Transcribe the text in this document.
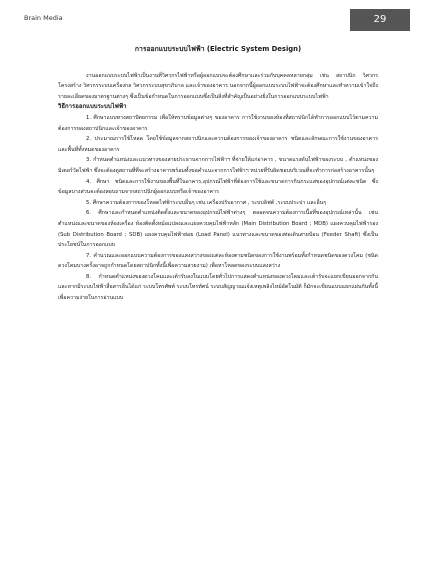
Brain Media	29
การออกแบบระบบไฟฟ้า (Electric System Design)

งานออกแบบระบบไฟฟ้าเป็นงานที่วิศวกรไฟฟ้าหรือผู้ออกแบบจะต้องศึกษาและร่วมกับบุคคลหลายกลุ่ม เช่น สถาปนิก วิศวกรโครงสร้าง วิศวกรระบบเครื่องกล วิศวกรระบบสุขาภิบาล และเจ้าของอาคาร นอกจากนี้ผู้ออกแบบระบบไฟฟ้าจะต้องศึกษาและทำความเข้าใจถึงรายละเอียดของมาตรฐานต่างๆ ซึ่งเป็นข้อกำหนดในการออกแบบซึ่งเป็นสิ่งที่สำคัญเป็นอย่างยิ่งในการออกแบบระบบไฟฟ้า

วิธีการออกแบบระบบไฟฟ้า

1. ศึกษาแบบทางสถาปัตยกรรม เพื่อให้ทราบข้อมูลต่างๆ ของอาคาร การใช้งานของห้องที่สถาปนิกได้ทำการออกแบบไว้ตามความต้องการของสถาปนิกและเจ้าของอาคาร
2. ประมาณการใช้โหลด โดยใช้ข้อมูลจากสถาปนิกและความต้องการของเจ้าของอาคาร ชนิดและลักษณะการใช้งานของอาคารและพื้นที่ทั้งหมดของอาคาร
3. กำหนดตำแหน่งและแนวทางของสายประธานจากการไฟฟ้าฯ ที่จ่ายให้แก่อาคาร , ขนาดแรงดันไฟฟ้าของระบบ , ตำแหน่งของมิเตอร์วัดไฟฟ้า ซึ่งจะต้องดูสถานที่ที่จะสร้างอาคารพร้อมทั้งขอคำแนะจากการไฟฟ้าฯ หน่วยที่รับผิดชอบบริเวณที่จะทำการก่อสร้างอาคารนั้นๆ
4. ศึกษา ชนิดและการใช้งานของพื้นที่ในอาคาร,อุปกรณ์ไฟฟ้าที่ต้องการใช้และขนาดการกินกระแสของอุปกรณ์แต่ละชนิด ซึ่งข้อมูลบางส่วนจะต้องสอบถามจากสถาปนิกผู้ออกแบบหรือเจ้าของอาคาร
5. ศึกษาความต้องการของโหลดไฟฟ้าระบบอื่นๆ เช่น เครื่องปรับอากาศ , ระบบลิฟต์ ,ระบบประปา และอื่นๆ
6. ศึกษาและกำหนดตำแหน่งติดตั้งและขนาดของอุปกรณ์ไฟฟ้าต่างๆ ตลอดจนความต้องการเนื้อที่ของอุปกรณ์เหล่านั้น เช่น ตำแหน่งและขนาดของห้องเครื่อง ห้องติดตั้งหม้อแปลงและแผงควบคุมไฟฟ้าหลัก (Main Distribution Board ; MDB) แผงควบคุมไฟฟ้ารอง (Sub Distribution Board ; SDB) แผงควบคุมไฟฟ้าย่อย (Load Panel) แนวทางและขนาดของท่อเดินสายป้อน (Feeder Shaft) ซึ่งเป็นประโยชน์ในการออกแบบ
7. คำนวณและออกแบบความต้องการของแสงสว่างของแต่ละห้องตามชนิดของการใช้งานพร้อมทั้งกำหนดชนิดของดวงโคม (ชนิดดวงโคมบางครั้งอาจถูกกำหนดโดยสถาปนิกทั้งนี้เพื่อความสวยงาม) เพื่อหาโหลดของระบบแสงสว่าง
8. กำหนดตำแหน่งของดวงโคมและเต้ารับลงในแบบโดยทั่วไปการแสดงตำแหน่งของดวงโคมและเต้ารับจะแยกเขียนออกจากกัน และหากมีระบบไฟฟ้าสื่อสารอื่นได้แก่ ระบบโทรศัพท์ ระบบโทรทัศน์ ระบบสัญญาณแจ้งเหตุเพลิงไหม้อัตโนมัติ ก็มักจะเขียนแบบแยกแผ่นกันทั้งนี้เพื่อความง่ายในการอ่านแบบ
